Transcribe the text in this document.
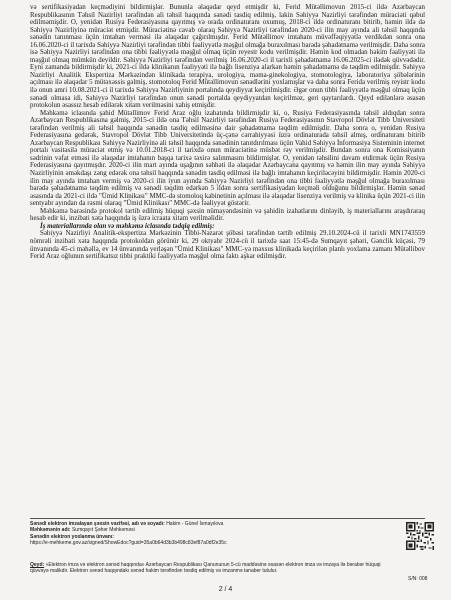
və sertifikasiyadan keçmədiyini bildirmişlər. Bununla əlaqədar qeyd etmişdir ki, Ferid Mütəllimovun 2015-ci ildə Azərbaycan Respublikasının Təhsil Nazirliyi tərəfindən ali təhsil haqqında sənədi tasdiq edilmiş, lakin Səhiyyə Nazirliyi tərəfindən müraciəti qəbul edilməmişdir. O, yenidən Rusiya Federasiyasına qayıtmış və orada ordinaturanı oxumuş, 2018-ci ildə ordinaturanı bitirib, həmin ildə də Səhiyyə Nazirliyinə müraciət etmişdir. Müraciətinə cavab olaraq Səhiyyə Nazirliyi tərəfindən 2020-ci ilin may ayında ali təhsil haqqında sənədin tanınması üçün imtahan verməsi ilə əlaqədar çağırılmışdır. Ferid Mütəllimov imtahanı müvəffəqiyyətlə verdikdən sonra ona 16.06.2020-ci il tarixdə Səhiyyə Nazirliyi tərəfindən tibbi fəaliyyətlə məşğul olmağa buraxılması barədə şəhadətnamə verilmişdir. Daha sonra isə Səhiyyə Nazirliyi tərəfindən ona tibbi fəaliyyətlə məşğul olmaq üçün reyestr kodu verilmişdir. Həmin kod olmadan həkim fəaliyyəti ilə məşğul olmaq mümkün deyildir. Səhiyyə Nazirliyi tərəfindən verilmiş 16.06.2020-ci il tarixli şəhadətnamə 16.06.2025-ci ilədək qüvvədədir. Eyni zamanda bildirmişdir ki, 2021-ci ildə klinikanın fəaliyyəti ilə bağlı lisenziya alarkən həmin şəhadətnamə də təqdim edilmişdir. Səhiyyə Nazirliyi Analitik Ekspertiza Mərkəzindən klinikada terapiya, urologiya, məma-ginekologiya, stomotologiya, laboratoriya şöbələrinin açılması ilə əlaqədar 5 mütəxəssis gəlmiş, stomotoloq Ferid Mütəllimovun sənədlərini yoxlamışlar və daha sonra Ferida verilmiş reyistr kodu ilə onun amri 10.08.2021-ci il tarixdə Səhiyyə Nazirliyinin portalında qeydiyyat keçirilmişdir. Əgər onun tibbi fəaliyyətlə məşğul olmaq üçün sənədi olmasa idi, Səhiyyə Nazirliyi tərəfindən onun sənədi portalda qeydiyyatdan keçirilməz, geri qaytarılardı. Qeyd edilənlərə əsasən protokolun əsassız hesab edilərək xitam verilməsini xahiş etmişdir.

Məhkəmə iclasında şahid Mütəllimov Ferid Araz oğlu izahatında bildirmişdir ki, o, Rusiya Federasiyasında təhsil aldıqdan sonra Azərbaycan Respublikasına gəlmiş, 2015-ci ildə ona Təhsil Nazirliyi tərəfindən Rusiya Federasiyasının Stavropol Dövlət Tibb Universiteti tərəfindən verilmiş ali təhsil haqqında sənədin tasdiq edilməsinə dair şəhadətnamə təqdim edilmişdir. Daha sonra o, yenidən Rusiya Federasiyasına gedərək, Stavropol Dövlət Tibb Universitetində üç-çənə cərrahiyyəsi üzrə ordinaturada təhsil almış, ordinaturanı bitirib Azərbaycan Respublikası Səhiyyə Nazirliyinə ali təhsil haqqında sənədinin tanıtdırılması üçün Vahid Səhiyyə İnformasiya Sisteminin internet portalı vasitəsilə müraciət etmiş və 10.01.2018-ci il tarixdə onun müraciətinə müsbət rəy verilmişdir. Bundan sonra ona Komissiyanın sədrinin vəfat etməsi ilə əlaqədar imtahanın başqa tarixə təxirə salınmasını bildirmişlər. O, yenidən təhsilini davam etdirmək üçün Rusiya Federasiyasına qayıtmışdır. 2020-ci ilin mart ayında uşağının səhhəti ilə əlaqədar Azərbaycana qayıtmış və həmin ilin may ayında Səhiyyə Nazirliyinin əməkdaşı zəng edərək ona təhsil haqqında sənədin tasdiq edilməsi ilə bağlı imtahanın keçiriləcəyini bildirmişdir. Həmin 2020-ci ilin may ayında imtahan vermiş və 2020-ci ilin iyun ayında Səhiyyə Nazirliyi tərəfindən ona tibbi fəaliyyətlə məşğul olmağa buraxılması barədə şəhadətnamə təqdim edilmiş və sənədi təqdim edərkən 5 ildən sonra sertifikasiyadan keçməli olduğunu bildirmişlər. Həmin sənəd əsasında da 2021-ci ildə "Ümid Klinikası" MMC-də stomoloq kabinetinin açılması ilə əlaqədar lisenziya verilmiş və klinika üçün 2021-ci ilin sentyabr ayından da rəsmi olaraq "Ümid Klinikası" MMC-də fəaliyyət göstərir.

Məhkəmə barəsində protokol tərtib edilmiş hüquqi şəxsin nümayəndəsinin və şahidin izahatlarını dinləyib, iş materiallarını araşdıraraq hesab edir ki, inzibati xəta haqqında iş üzrə icraata xitam verilməlidir.

İş materiallarında olan və məhkəmə iclasında tədqiq edilmiş:

Səhiyyə Nazirliyi Analitik-ekspertiza Mərkəzinin Tibbi-Nəzarət şöbəsi tərəfindən tərtib edilmiş 29.10.2024-cü il tarixli MN1743559 nömrəli inzibati xəta haqqında protokoldan görünür ki, 29 oktyabr 2024-cü il tarixdə saat 15:45-də Sumqayıt şəhəri, Gənclik küçəsi, 79 ünvanında 45-ci məhəllə, ev 14 ünvanında yerləşən "Ümid Klinikası" MMC-yə məxsus klinikada keçirilən planlı yoxlama zamanı Mütəllibov Ferid Araz oğlunun sertifikatsız tibbi praktiki fəaliyyətlə məşğul olma faktı aşkar edilmişdir.

Sənədi elektron imzalayan şəxsin vəzifəsi, adı və soyadı: Hakim - Günel İsmayılova
Məhkəmənin adı: Sumqayıt Şəhər Məhkəməsi
Sənədin elektron yoxlanma ünvanı:
https://e-mehkeme.gov.az/signed/ShowEdoc?guid=35a0b64d3b3b498c83ef87a0df2e35c
Qeyd: «Elektron imza və elektron sənəd haqqında» Azərbaycan Respublikası Qanununun 5-cü maddəsinə əsasən elektron imza və imzaya ilə bərabər hüquqi qüvvəyə malikdir. Elektron sənəd haqqındakı sənəd hakim tərəfindən təsdiq edilmiş və imzanmə tanaber tutulur.
S/N: 008
2 / 4
